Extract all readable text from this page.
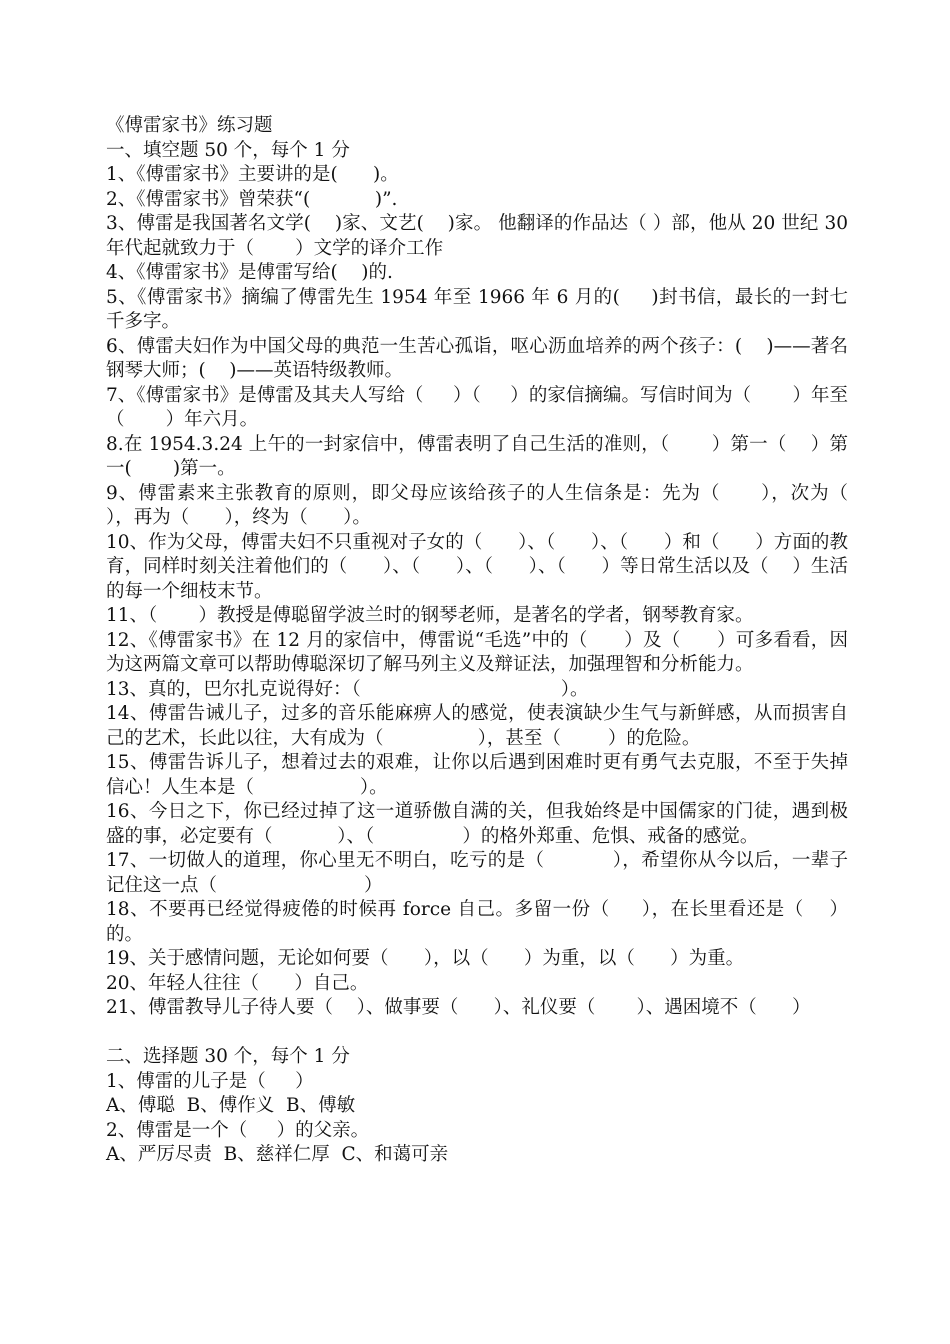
《傅雷家书》练习题

一、填空题 50 个，每个 1 分

1、《傅雷家书》主要讲的是(      )。

2、《傅雷家书》曾荣获“(           )”.

3、傅雷是我国著名文学(    )家、文艺(    )家。 他翻译的作品达（ ）部，他从 20 世纪 30 年代起就致力于（       ）文学的译介工作

4、《傅雷家书》是傅雷写给(    )的.

5、《傅雷家书》摘编了傅雷先生 1954 年至 1966 年 6 月的(     )封书信，最长的一封七千多字。

6、傅雷夫妇作为中国父母的典范一生苦心孤诣，呕心沥血培养的两个孩子：(    )——著名钢琴大师；(    )——英语特级教师。

7、《傅雷家书》是傅雷及其夫人写给（     ）（     ）的家信摘编。写信时间为（       ）年至（       ）年六月。

8.在 1954.3.24 上午的一封家信中，傅雷表明了自己生活的准则，（       ）第一（    ）第一(       )第一。

9、傅雷素来主张教育的原则，即父母应该给孩子的人生信条是：先为（      ），次为（      ），再为（      ），终为（      ）。

10、作为父母，傅雷夫妇不只重视对子女的（      ）、（      ）、（      ）和（      ）方面的教育，同样时刻关注着他们的（      ）、（      ）、（      ）、（      ）等日常生活以及（    ）生活的每一个细枝末节。

11、（       ）教授是傅聪留学波兰时的钢琴老师，是著名的学者，钢琴教育家。

12、《傅雷家书》在 12 月的家信中，傅雷说“毛选”中的（      ）及（      ）可多看看，因为这两篇文章可以帮助傅聪深切了解马列主义及辩证法，加强理智和分析能力。

13、真的，巴尔扎克说得好：（                                  ）。

14、傅雷告诫儿子，过多的音乐能麻痹人的感觉，使表演缺少生气与新鲜感，从而损害自己的艺术，长此以往，大有成为（                ），甚至（        ）的危险。

15、傅雷告诉儿子，想着过去的艰难，让你以后遇到困难时更有勇气去克服，不至于失掉信心！人生本是（                  ）。

16、今日之下，你已经过掉了这一道骄傲自满的关，但我始终是中国儒家的门徒，遇到极盛的事，必定要有（           ）、（               ）的格外郑重、危惧、戒备的感觉。

17、一切做人的道理，你心里无不明白，吃亏的是（           ），希望你从今以后，一辈子记住这一点（                         ）

18、不要再已经觉得疲倦的时候再 force 自己。多留一份（     ），在长里看还是（    ）的。

19、关于感情问题，无论如何要（      ），以（      ）为重，以（      ）为重。

20、年轻人往往（      ）自己。

21、傅雷教导儿子待人要（    ）、做事要（      ）、礼仪要（       ）、遇困境不（      ）

二、选择题 30 个，每个 1 分

1、傅雷的儿子是（     ）

A、傅聪  B、傅作义  B、傅敏

2、傅雷是一个（     ）的父亲。

A、严厉尽责  B、慈祥仁厚  C、和蔼可亲
